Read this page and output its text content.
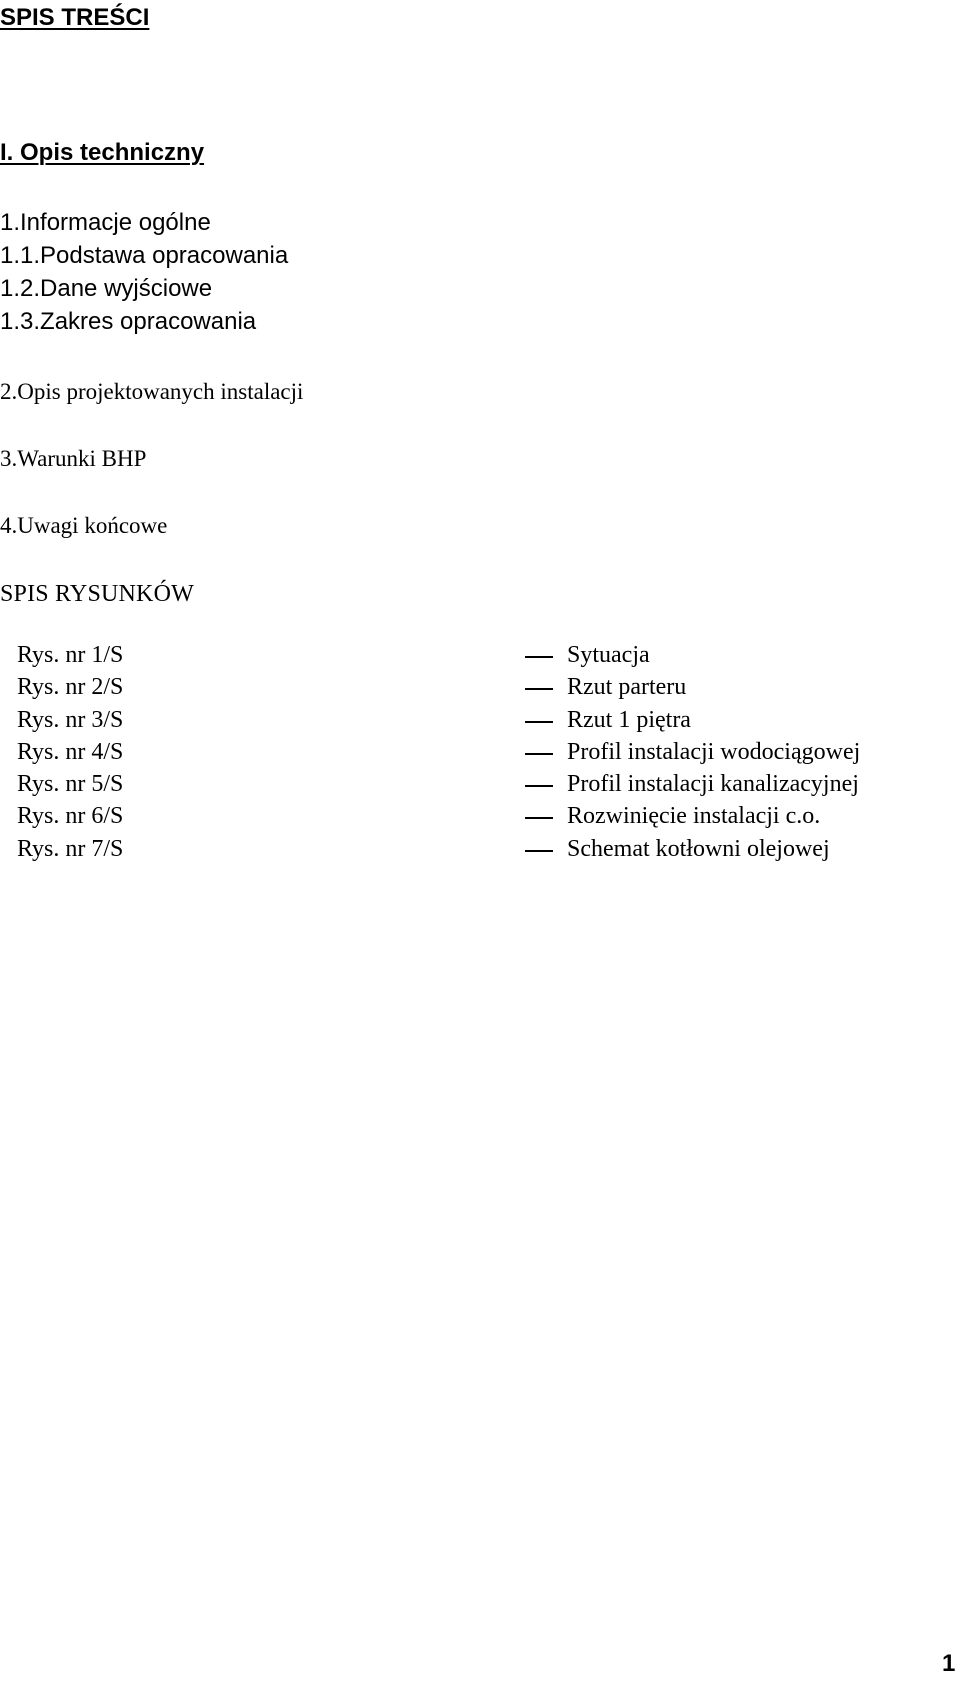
SPIS TREŚCI
I. Opis techniczny
1.Informacje ogólne
1.1.Podstawa opracowania
1.2.Dane wyjściowe
1.3.Zakres opracowania
2.Opis projektowanych instalacji
3.Warunki BHP
4.Uwagi końcowe
SPIS RYSUNKÓW
Rys. nr 1/S	Sytuacja
Rys. nr 2/S	Rzut parteru
Rys. nr 3/S	Rzut 1 piętra
Rys. nr 4/S	Profil instalacji wodociągowej
Rys. nr 5/S	Profil instalacji kanalizacyjnej
Rys. nr 6/S	Rozwinięcie instalacji c.o.
Rys. nr 7/S	Schemat kotłowni olejowej
1
